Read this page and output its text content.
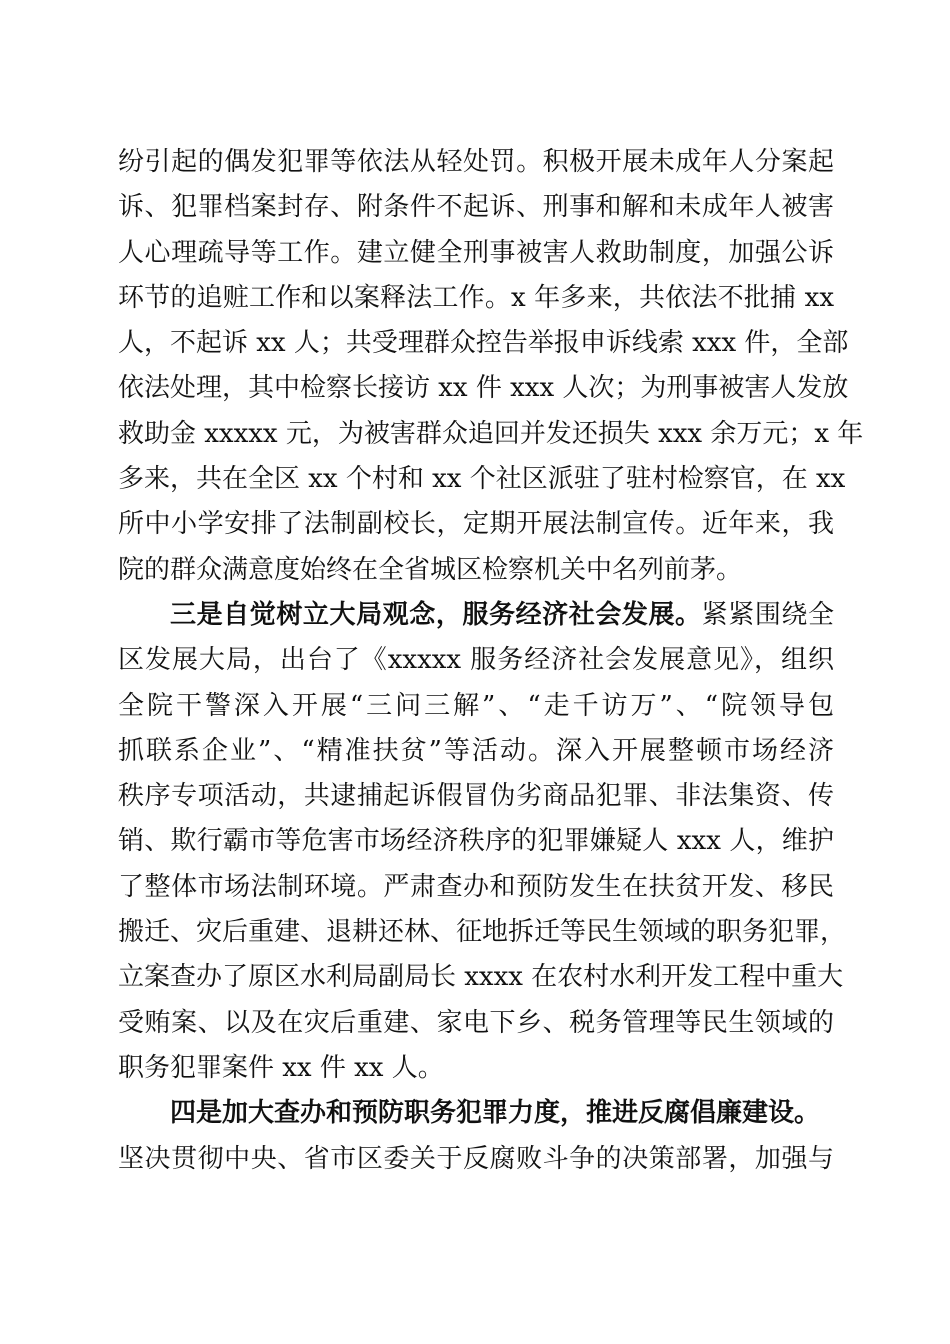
纷引起的偶发犯罪等依法从轻处罚。积极开展未成年人分案起
诉、犯罪档案封存、附条件不起诉、刑事和解和未成年人被害
人心理疏导等工作。建立健全刑事被害人救助制度，加强公诉
环节的追赃工作和以案释法工作。x 年多来，共依法不批捕 xx
人，不起诉 xx 人；共受理群众控告举报申诉线索 xxx 件，全部
依法处理，其中检察长接访 xx 件 xxx 人次；为刑事被害人发放
救助金 xxxxx 元，为被害群众追回并发还损失 xxx 余万元；x 年
多来，共在全区 xx 个村和 xx 个社区派驻了驻村检察官，在 xx
所中小学安排了法制副校长，定期开展法制宣传。近年来，我
院的群众满意度始终在全省城区检察机关中名列前茅。
三是自觉树立大局观念，服务经济社会发展。紧紧围绕全
区发展大局，出台了《xxxxx 服务经济社会发展意见》，组织
全院干警深入开展“三问三解”、“走千访万”、“院领导包
抓联系企业”、“精准扶贫”等活动。深入开展整顿市场经济
秩序专项活动，共逮捕起诉假冒伪劣商品犯罪、非法集资、传
销、欺行霸市等危害市场经济秩序的犯罪嫌疑人 xxx 人，维护
了整体市场法制环境。严肃查办和预防发生在扶贫开发、移民
搬迁、灾后重建、退耕还林、征地拆迁等民生领域的职务犯罪，
立案查办了原区水利局副局长 xxxx 在农村水利开发工程中重大
受贿案、以及在灾后重建、家电下乡、税务管理等民生领域的
职务犯罪案件 xx 件 xx 人。
四是加大查办和预防职务犯罪力度，推进反腐倡廉建设。
坚决贯彻中央、省市区委关于反腐败斗争的决策部署，加强与
